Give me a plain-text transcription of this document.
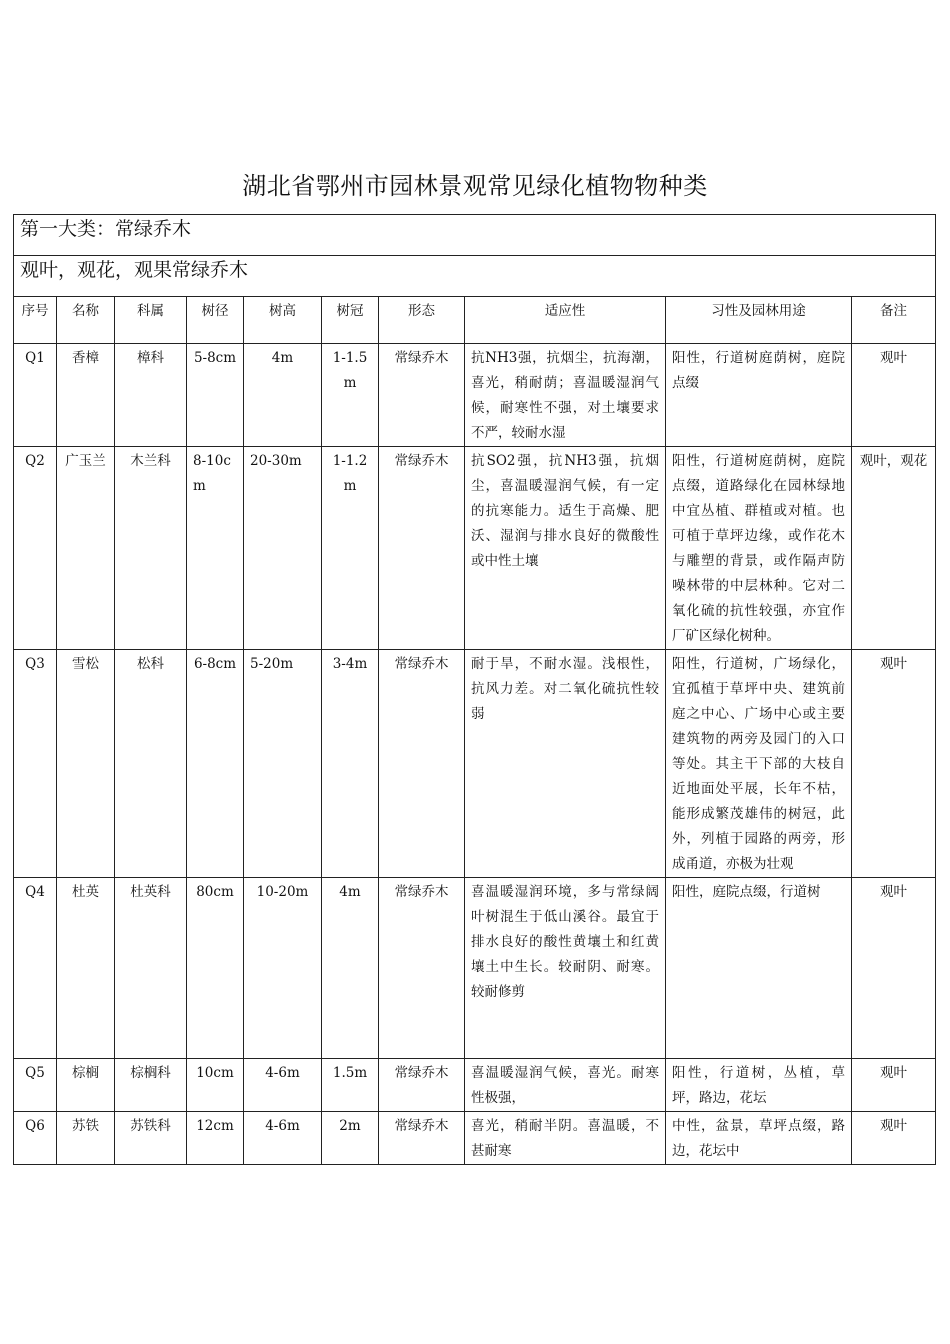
湖北省鄂州市园林景观常见绿化植物物种类
第一大类：常绿乔木									
观叶，观花，观果常绿乔木									
序号	名称	科属	树径	树高	树冠	形态	适应性	习性及园林用途	备注
Q1	香樟	樟科	5-8cm	4m	1-1.5m	常绿乔木	抗NH3强，抗烟尘，抗海潮，喜光，稍耐荫；喜温暖湿润气候，耐寒性不强，对土壤要求不严，较耐水湿	阳性，行道树庭荫树，庭院点缀	观叶
Q2	广玉兰	木兰科	8-10cm	20-30m	1-1.2m	常绿乔木	抗SO2强，抗NH3强，抗烟尘，喜温暖湿润气候，有一定的抗寒能力。适生于高燥、肥沃、湿润与排水良好的微酸性或中性土壤	阳性，行道树庭荫树，庭院点缀，道路绿化在园林绿地中宜丛植、群植或对植。也可植于草坪边缘，或作花木与雕塑的背景，或作隔声防噪林带的中层林种。它对二氧化硫的抗性较强，亦宜作厂矿区绿化树种。	观叶，观花
Q3	雪松	松科	6-8cm	5-20m	3-4m	常绿乔木	耐于旱，不耐水湿。浅根性，抗风力差。对二氧化硫抗性较弱	阳性，行道树，广场绿化，宜孤植于草坪中央、建筑前庭之中心、广场中心或主要建筑物的两旁及园门的入口等处。其主干下部的大枝自近地面处平展，长年不枯，能形成繁茂雄伟的树冠，此外，列植于园路的两旁，形成甬道，亦极为壮观	观叶
Q4	杜英	杜英科	80cm	10-20m	4m	常绿乔木	喜温暖湿润环境，多与常绿阔叶树混生于低山溪谷。最宜于排水良好的酸性黄壤土和红黄壤土中生长。较耐阴、耐寒。较耐修剪	阳性，庭院点缀，行道树	观叶
Q5	棕榈	棕榈科	10cm	4-6m	1.5m	常绿乔木	喜温暖湿润气候，喜光。耐寒性极强，	阳性，行道树，丛植，草坪，路边，花坛	观叶
Q6	苏铁	苏铁科	12cm	4-6m	2m	常绿乔木	喜光，稍耐半阴。喜温暖，不甚耐寒	中性，盆景，草坪点缀，路边，花坛中	观叶
